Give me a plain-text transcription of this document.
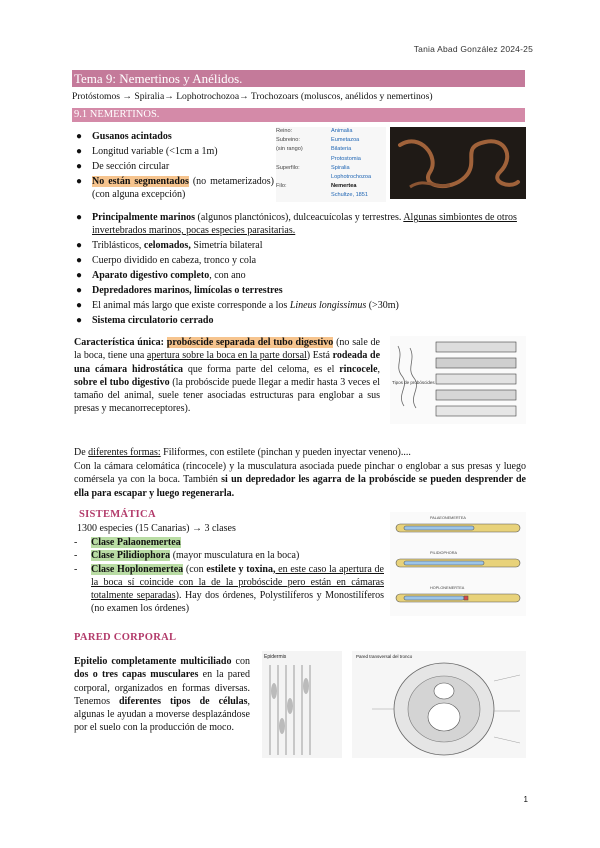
Tania Abad González 2024-25
Tema 9: Nemertinos y Anélidos.
Protóstomos → Spiralia→ Lophotrochozoa→ Trochozoars (moluscos, anélidos y nemertinos)
9.1 NEMERTINOS.
● Gusanos acintados
● Longitud variable (<1cm a 1m)
● De sección circular
● No están segmentados (no metamerizados) (con alguna excepción)
Reino:	Animalia
Subreino:	Eumetazoa
(sin rango)	Bilateria
Protostomia
Superfilo:	Spiralia
Lophotrochozoa
Filo:	Nemertea
Schultze, 1851
● Principalmente marinos (algunos planctónicos), dulceacuícolas y terrestres. Algunas simbiontes de otros invertebrados marinos, pocas especies parasitarias.
● Triblásticos, celomados, Simetría bilateral
● Cuerpo dividido en cabeza, tronco y cola
● Aparato digestivo completo, con ano
● Depredadores marinos, limícolas o terrestres
● El animal más largo que existe corresponde a los Lineus longissimus (>30m)
● Sistema circulatorio cerrado
Característica única: probóscide separada del tubo digestivo (no sale de la boca, tiene una apertura sobre la boca en la parte dorsal) Está rodeada de una cámara hidrostática que forma parte del celoma, es el rincocele, sobre el tubo digestivo (la probóscide puede llegar a medir hasta 3 veces el tamaño del animal, suele tener asociadas estructuras para englobar a sus presas y mecanorreceptores).
Tipos de probóscides
De diferentes formas: Filiformes, con estilete (pinchan y pueden inyectar veneno)....
Con la cámara celomática (rincocele) y la musculatura asociada puede pinchar o englobar a sus presas y luego comérsela ya con la boca. También si un depredador les agarra de la probóscide se pueden desprender de ella para escapar y luego regenerarla.
SISTEMÁTICA
1300 especies (15 Canarias) → 3 clases
- Clase Palaonemertea
- Clase Pilidiophora (mayor musculatura en la boca)
- Clase Hoplonemertea (con estilete y toxina, en este caso la apertura de la boca sí coincide con la de la probóscide pero están en cámaras totalmente separadas). Hay dos órdenes, Polystilíferos y Monostilíferos (no examen los órdenes)
PALAEONEMERTEA
PILIDIOPHORA
HOPLONEMERTEA
PARED CORPORAL
Epitelio completamente multiciliado con dos o tres capas musculares en la pared corporal, organizados en formas diversas. Tenemos diferentes tipos de células, algunas le ayudan a moverse desplazándose por el suelo con la producción de moco.
Epidermis	Pared transversal del tronco
1
